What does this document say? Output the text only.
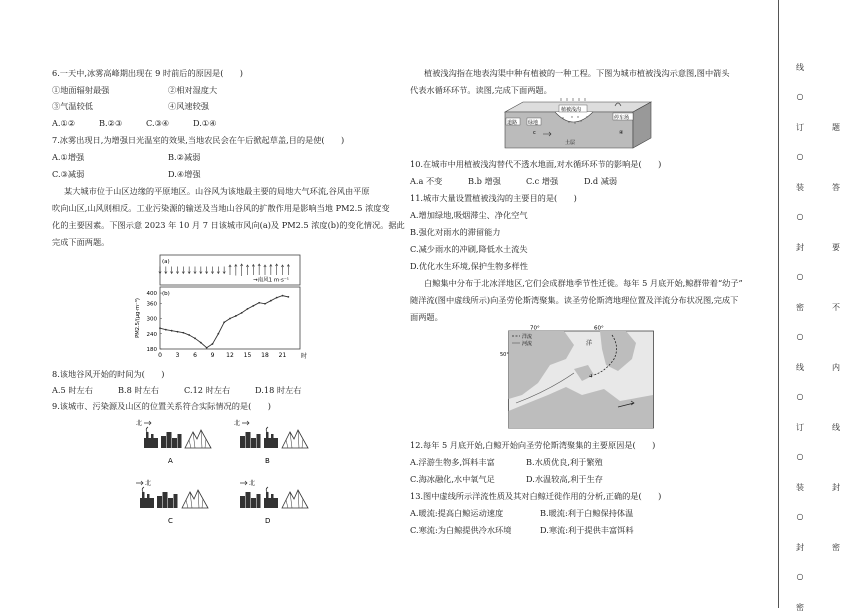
6.一天中,冰雾高峰期出现在 9 时前后的原因是(　　)
①地面辐射最强	②相对湿度大
③气温较低	④风速较强
A.①②	B.②③	C.③④	D.①④
7.冰雾出现日,为增强日光温室的效果,当地农民会在午后掀起草盖,目的是使(　　)
A.①增强	B.②减弱
C.③减弱	D.④增强
某大城市位于山区边缘的平原地区。山谷风为该地最主要的局地大气环流,谷风由平原
吹向山区,山风则相反。工业污染源的输送及当地山谷风的扩散作用是影响当地 PM2.5 浓度变
化的主要因素。下图示意 2023 年 10 月 7 日该城市风向(a)及 PM2.5 浓度(b)的变化情况。据此
完成下面两题。
(a)
→南风1 m·s⁻¹
(b)
PM2.5/(μg·m⁻³)
180
240
300
360
400
0 3 6 9 12 15 18 21 时
8.该地谷风开始的时间为(　　)
A.5 时左右	B.8 时左右	C.12 时左右	D.18 时左右
9.该城市、污染源及山区的位置关系符合实际情况的是(　　)
北
A
北
B
北
C
北
D
植被浅沟指在地表沟渠中种有植被的一种工程。下图为城市植被浅沟示意图,图中箭头
代表水循环环节。读图,完成下面两题。
道路 绿地
植被浅沟
停车场
④
土层
c
10.在城市中用植被浅沟替代不透水地面,对水循环环节的影响是(　　)
A.a 不变	B.b 增强	C.c 增强	D.d 减弱
11.城市大量设置植被浅沟的主要目的是(　　)
A.增加绿地,吸烟滞尘、净化空气
B.强化对雨水的滞留能力
C.减少雨水的冲刷,降低水土流失
D.优化水生环境,保护生物多样性
白鲸集中分布于北冰洋地区,它们会成群地季节性迁徙。每年 5 月底开始,鲸群带着“幼子”
随洋流(图中虚线所示)向圣劳伦斯湾聚集。读圣劳伦斯湾地理位置及洋流分布状况图,完成下
面两题。
70°	60°
50°
洋
洋流
河流
12.每年 5 月底开始,白鲸开始向圣劳伦斯湾聚集的主要原因是(　　)
A.浮游生物多,饵料丰富	B.水质优良,利于繁殖
C.海冰融化,水中氧气足	D.水温较高,利于生存
13.图中虚线所示洋流性质及其对白鲸迁徙作用的分析,正确的是(　　)
A.暖流:提高白鲸运动速度	B.暖流:利于白鲸保持体温
C.寒流:为白鲸提供冷水环境	D.寒流:利于提供丰富饵料
线
○
订
○
装
○
封
○
密
○
线
○
订
○
装
○
封
○
密
题
答
要
不
内
线
封
密
